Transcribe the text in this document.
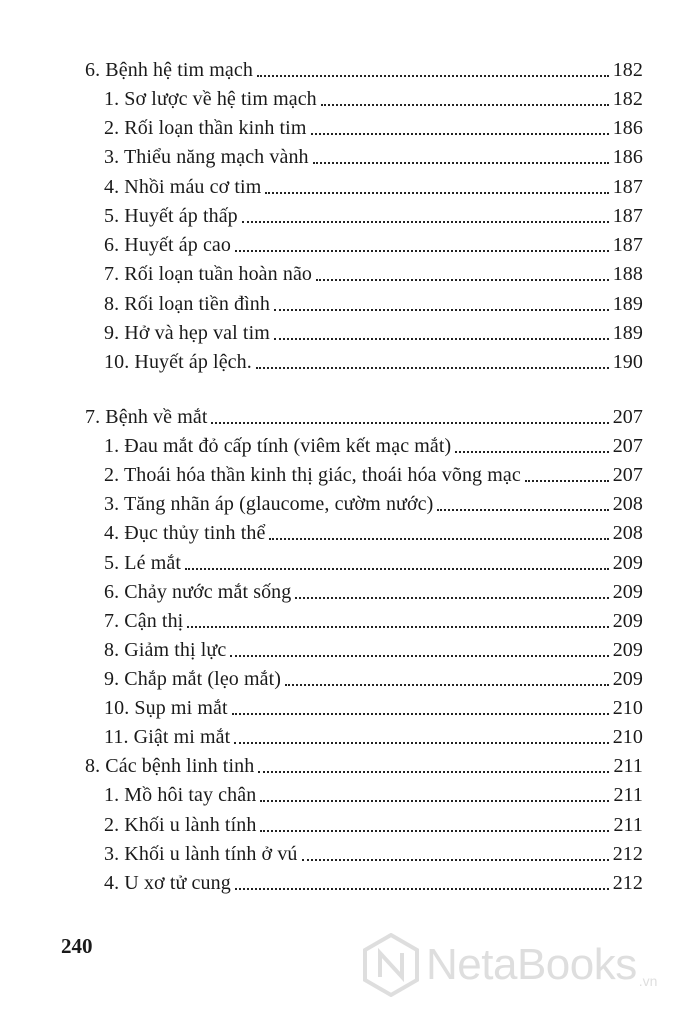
6. Bệnh hệ tim mạch	182
1. Sơ lược về hệ tim mạch	182
2. Rối loạn thần kinh tim	186
3. Thiểu năng mạch vành	186
4. Nhồi máu cơ tim	187
5. Huyết áp thấp	187
6. Huyết áp cao	187
7. Rối loạn tuần hoàn não	188
8. Rối loạn tiền đình	189
9. Hở và hẹp val tim	189
10. Huyết áp lệch.	190
7. Bệnh về mắt	207
1. Đau mắt đỏ cấp tính (viêm kết mạc mắt)	207
2. Thoái hóa thần kinh thị giác, thoái hóa võng mạc	207
3. Tăng nhãn áp (glaucome, cườm nước)	208
4. Đục thủy tinh thể	208
5. Lé mắt	209
6. Chảy nước mắt sống	209
7. Cận thị	209
8. Giảm thị lực	209
9. Chắp mắt (lẹo mắt)	209
10. Sụp mi mắt	210
11. Giật mi mắt	210
8. Các bệnh linh tinh	211
1. Mồ hôi tay chân	211
2. Khối u lành tính	211
3. Khối u lành tính ở vú	212
4. U xơ tử cung	212
240	NetaBooks .vn
